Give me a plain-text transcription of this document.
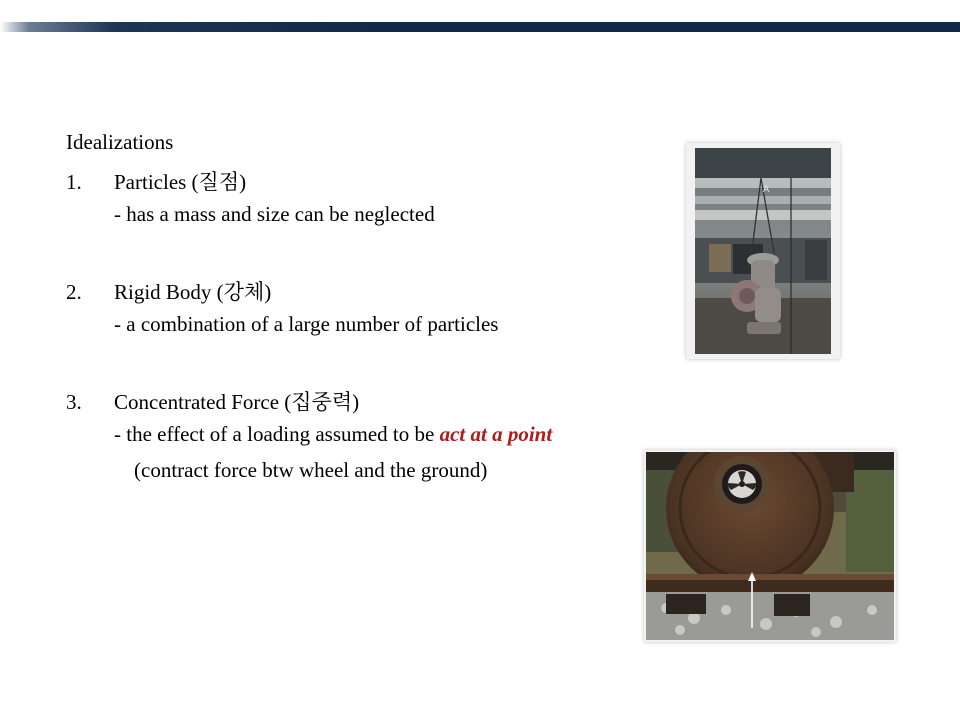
Idealizations
1. Particles (질점)
- has a mass and size can be neglected
2. Rigid Body (강체)
- a combination of a large number of particles
3. Concentrated Force (집중력)
- the effect of a loading assumed to be act at a point
(contract force btw wheel and the ground)
A
